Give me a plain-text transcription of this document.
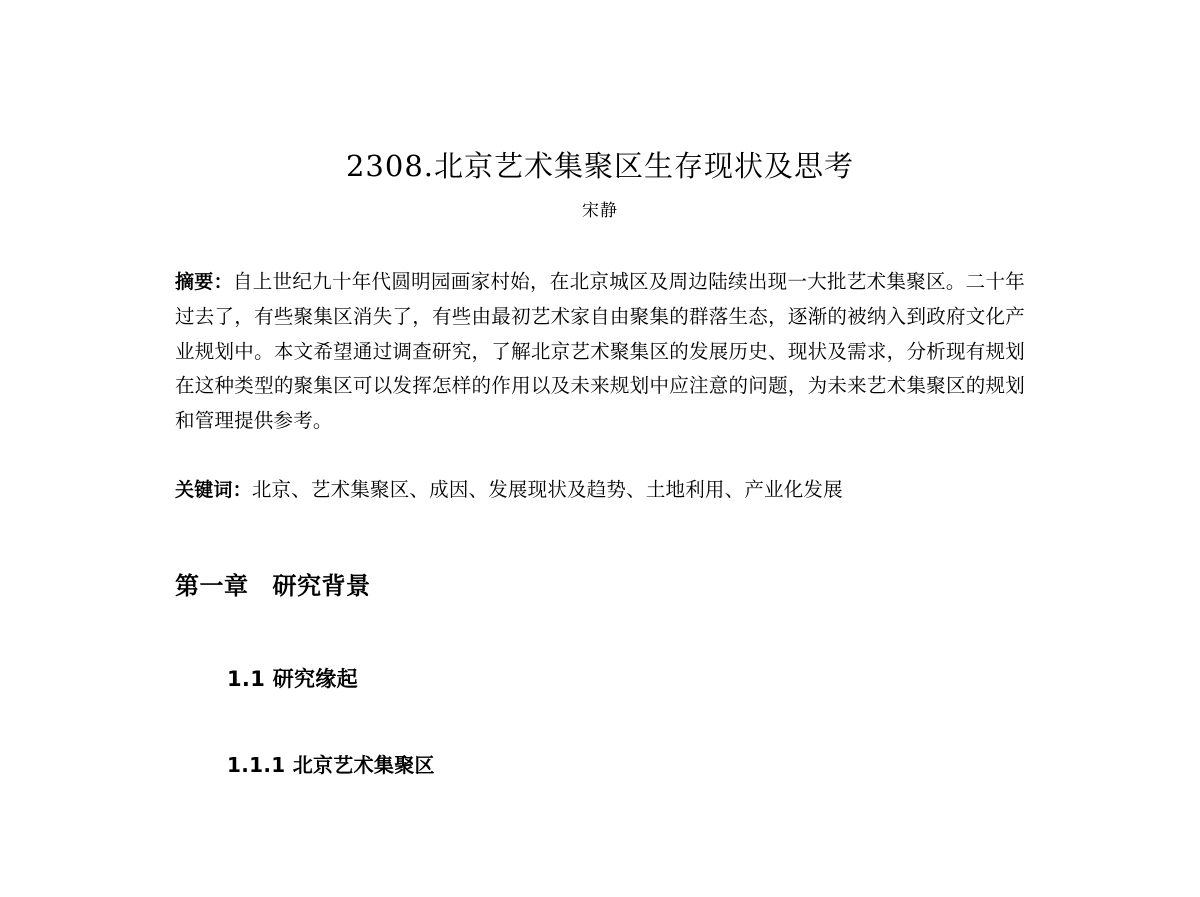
2308.北京艺术集聚区生存现状及思考
宋静
摘要：自上世纪九十年代圆明园画家村始，在北京城区及周边陆续出现一大批艺术集聚区。二十年过去了，有些聚集区消失了，有些由最初艺术家自由聚集的群落生态，逐渐的被纳入到政府文化产业规划中。本文希望通过调查研究，了解北京艺术聚集区的发展历史、现状及需求，分析现有规划在这种类型的聚集区可以发挥怎样的作用以及未来规划中应注意的问题，为未来艺术集聚区的规划和管理提供参考。
关键词：北京、艺术集聚区、成因、发展现状及趋势、土地利用、产业化发展
第一章 研究背景
1.1 研究缘起
1.1.1 北京艺术集聚区
